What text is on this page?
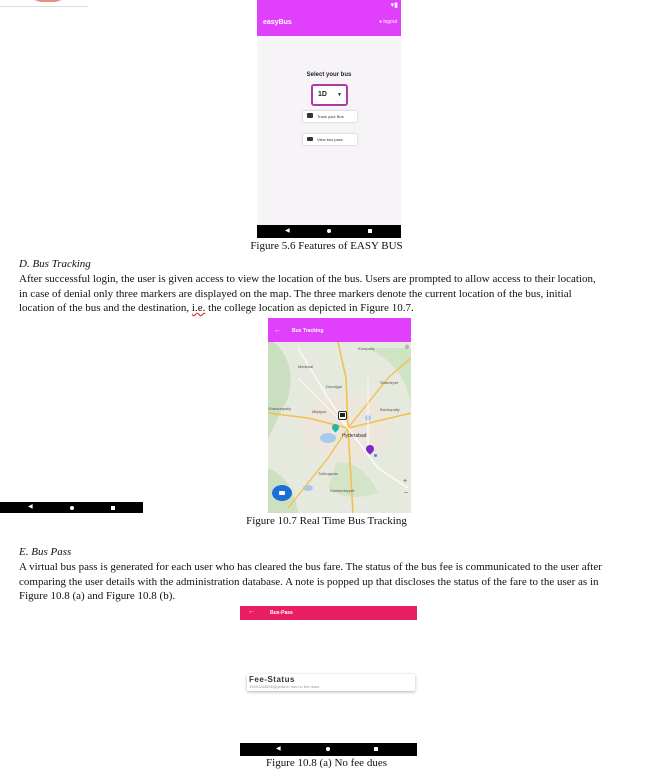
▾▮
easyBus	● logout
Select your bus
1D ▼
Track your Bus
View bus pass
◀
Figure 5.6 Features of EASY BUS
D. Bus Tracking
After successful login, the user is given access to view the location of the bus. Users are prompted to allow access to their location,
in case of denial only three markers are displayed on the map. The three markers denote the current location of the bus, initial
location of the bus and the destination, i.e. the college location as depicted in Figure 10.7.
← Bus Tracking
Kompally
Medchal
Dundigal
Shankarpally
Miyapur
Hyderabad
Shamirpet
Bachupally
Tukkuguda
Kistareddypet
◎
+
−
◀
Figure 10.7 Real Time Bus Tracking
E. Bus Pass
A virtual bus pass is generated for each user who has cleared the bus fare. The status of the bus fee is communicated to the user after
comparing the user details with the administration database. A note is popped up that discloses the status of the fare to the user as in
Figure 10.8 (a) and Figure 10.8 (b).
←	Bus-Pass
Fee-Status
19251A05D4@gcrta.in has no fee dues.
◀
Figure 10.8 (a) No fee dues
